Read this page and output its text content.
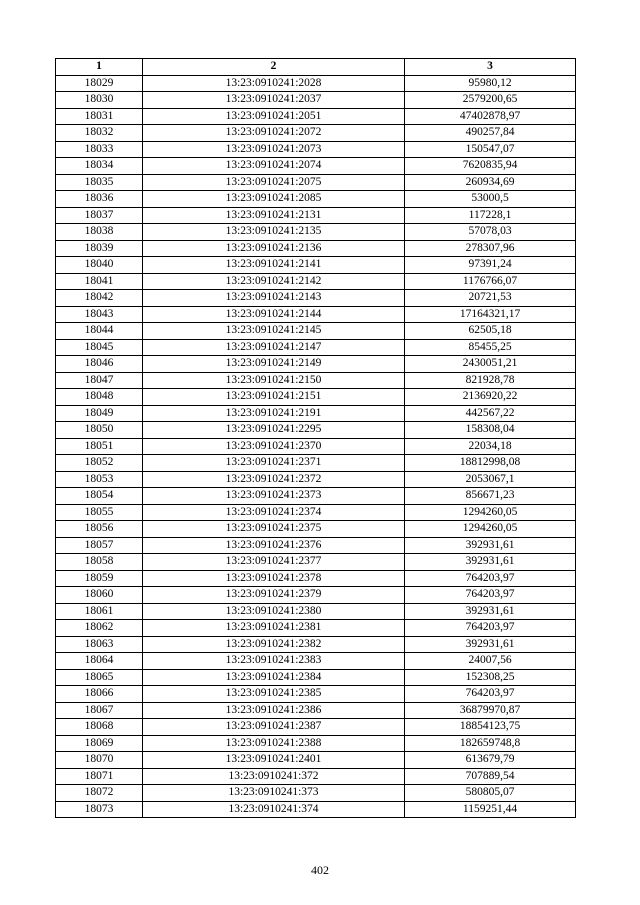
1	2	3
18029	13:23:0910241:2028	95980,12
18030	13:23:0910241:2037	2579200,65
18031	13:23:0910241:2051	47402878,97
18032	13:23:0910241:2072	490257,84
18033	13:23:0910241:2073	150547,07
18034	13:23:0910241:2074	7620835,94
18035	13:23:0910241:2075	260934,69
18036	13:23:0910241:2085	53000,5
18037	13:23:0910241:2131	117228,1
18038	13:23:0910241:2135	57078,03
18039	13:23:0910241:2136	278307,96
18040	13:23:0910241:2141	97391,24
18041	13:23:0910241:2142	1176766,07
18042	13:23:0910241:2143	20721,53
18043	13:23:0910241:2144	17164321,17
18044	13:23:0910241:2145	62505,18
18045	13:23:0910241:2147	85455,25
18046	13:23:0910241:2149	2430051,21
18047	13:23:0910241:2150	821928,78
18048	13:23:0910241:2151	2136920,22
18049	13:23:0910241:2191	442567,22
18050	13:23:0910241:2295	158308,04
18051	13:23:0910241:2370	22034,18
18052	13:23:0910241:2371	18812998,08
18053	13:23:0910241:2372	2053067,1
18054	13:23:0910241:2373	856671,23
18055	13:23:0910241:2374	1294260,05
18056	13:23:0910241:2375	1294260,05
18057	13:23:0910241:2376	392931,61
18058	13:23:0910241:2377	392931,61
18059	13:23:0910241:2378	764203,97
18060	13:23:0910241:2379	764203,97
18061	13:23:0910241:2380	392931,61
18062	13:23:0910241:2381	764203,97
18063	13:23:0910241:2382	392931,61
18064	13:23:0910241:2383	24007,56
18065	13:23:0910241:2384	152308,25
18066	13:23:0910241:2385	764203,97
18067	13:23:0910241:2386	36879970,87
18068	13:23:0910241:2387	18854123,75
18069	13:23:0910241:2388	182659748,8
18070	13:23:0910241:2401	613679,79
18071	13:23:0910241:372	707889,54
18072	13:23:0910241:373	580805,07
18073	13:23:0910241:374	1159251,44
402
